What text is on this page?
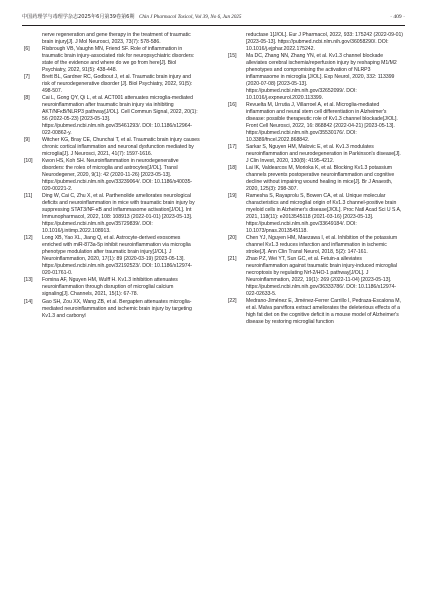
中国药理学与毒理学杂志2025年6月第39卷第6期 Chin J Pharmacol Toxicol, Vol 39, No 6, Jun 2025	· 409 ·
nerve regeneration and gene therapy in the treatment of traumatic brain injury[J]. J Mol Neurosci, 2023, 73(7): 578-586.
[6] Risbrough VB, Vaughn MN, Friend SF. Role of inflammation in traumatic brain injury-associated risk for neuropsychiatric disorders: state of the evidence and where do we go from here[J]. Biol Psychiatry, 2022, 91(5): 438-448.
[7] Brett BL, Gardner RC, Godbout J, et al. Traumatic brain injury and risk of neurodegenerative disorder [J]. Biol Psychiatry, 2022, 91(5): 498-507.
[8] Cai L, Gong QY, Qi L, et al. ACT001 attenuates microglia-mediated neuroinflammation after traumatic brain injury via inhibiting AKT/NFκB/NLRP3 pathway[J/OL]. Cell Commun Signal, 2022, 20(1): 56 (2022-05-23) [2023-05-13]. https://pubmed.ncbi.nlm.nih.gov/35461293/. DOI: 10.1186/s12964-022-00862-y.
[9] Witcher KG, Bray CE, Chunchai T, et al. Traumatic brain injury causes chronic cortical inflammation and neuronal dysfunction mediated by microglia[J]. J Neurosci, 2021, 41(7): 1597-1616.
[10] Kwon HS, Koh SH. Neuroinflammation in neurodegenerative disorders: the roles of microglia and astrocytes[J/OL]. Transl Neurodegener, 2020, 9(1): 42 (2020-11-26) [2023-05-13]. https://pubmed.ncbi.nlm.nih.gov/33239064/. DOI: 10.1186/s40035-020-00221-2.
[11] Ding W, Cai C, Zhu X, et al. Parthenolide ameliorates neurological deficits and neuroinflammation in mice with traumatic brain injury by suppressing STAT3/NF-κB and inflammasome activation[J/OL]. Int Immunopharmacol, 2022, 108: 108913 (2022-01-01) [2023-05-13]. https://pubmed.ncbi.nlm.nih.gov/35729839/. DOI: 10.1016/j.intimp.2022.108913.
[12] Long XB, Yao XL, Jiang Q, et al. Astrocyte-derived exosomes enriched with miR-873a-5p inhibit neuroinflammation via microglia phenotype modulation after traumatic brain injury[J/OL]. J Neuroinflammation, 2020, 17(1): 89 (2020-03-19) [2023-05-13]. https://pubmed.ncbi.nlm.nih.gov/32192523/. DOI: 10.1186/s12974-020-01761-0.
[13] Fomina AF, Nguyen HM, Wulff H. Kv1.3 inhibition attenuates neuroinflammation through disruption of microglial calcium signaling[J]. Channels, 2021, 15(1): 67-78.
[14] Gao SH, Zou XX, Wang ZB, et al. Bergapten attenuates microglia-mediated neuroinflammation and ischemic brain injury by targeting Kv1.3 and carbonyl
reductase 1[J/OL]. Eur J Pharmacol, 2022, 933: 175242 (2022-09-01) [2023-05-13]. https://pubmed.ncbi.nlm.nih.gov/36058290/. DOI: 10.1016/j.ejphar.2022.175242.
[15] Ma DC, Zhang NN, Zhang YN, et al. Kv1.3 channel blockade alleviates cerebral ischemia/reperfusion injury by reshaping M1/M2 phenotypes and compromising the activation of NLRP3 inflammasome in microglia [J/OL]. Exp Neurol, 2020, 332: 113399 (2020-07-08) [2023-05-13]. https://pubmed.ncbi.nlm.nih.gov/32652099/. DOI: 10.1016/j.expneurol.2020.113399.
[16] Revuelta M, Urrutia J, Villarroel A, et al. Microglia-mediated inflammation and neural stem cell differentiation in Alzheimer's disease: possible therapeutic role of Kv1.3 channel blockade[J/OL]. Front Cell Neurosci, 2022, 16: 868842 (2022-04-21) [2023-05-13]. https://pubmed.ncbi.nlm.nih.gov/35530176/. DOI: 10.3389/fncel.2022.868842.
[17] Sarkar S, Nguyen HM, Malovic E, et al. Kv1.3 modulates neuroinflammation and neurodegeneration in Parkinson's disease[J]. J Clin Invest, 2020, 130(8): 4195-4212.
[18] Lai IK, Valdearcos M, Morioka K, et al. Blocking Kv1.3 potassium channels prevents postoperative neuroinflammation and cognitive decline without impairing wound healing in mice[J]. Br J Anaesth, 2020, 125(3): 298-307.
[19] Ramesha S, Rayaprolu S, Bowen CA, et al. Unique molecular characteristics and microglial origin of Kv1.3 channel-positive brain myeloid cells in Alzheimer's disease[J/OL]. Proc Natl Acad Sci U S A, 2021, 118(11): e2013545118 (2021-03-16) [2023-05-13]. https://pubmed.ncbi.nlm.nih.gov/33649184/. DOI: 10.1073/pnas.2013545118.
[20] Chen YJ, Nguyen HM, Maezawa I, et al. Inhibition of the potassium channel Kv1.3 reduces infarction and inflammation in ischemic stroke[J]. Ann Clin Transl Neurol, 2018, 5(2): 147-161.
[21] Zhao PZ, Wei YT, Sun GC, et al. Fetuin-a alleviates neuroinflammation against traumatic brain injury-induced microglial necroptosis by regulating Nrf-2/HO-1 pathway[J/OL]. J Neuroinflammation, 2022, 19(1): 269 (2022-11-04) [2023-05-13]. https://pubmed.ncbi.nlm.nih.gov/36333786/. DOI: 10.1186/s12974-022-02633-5.
[22] Medrano-Jiménez E, Jiménez-Ferrer Carrillo I, Pedraza-Escalona M, et al. Malva parviflora extract ameliorates the deleterious effects of a high fat diet on the cognitive deficit in a mouse model of Alzheimer's disease by restoring microglial function
